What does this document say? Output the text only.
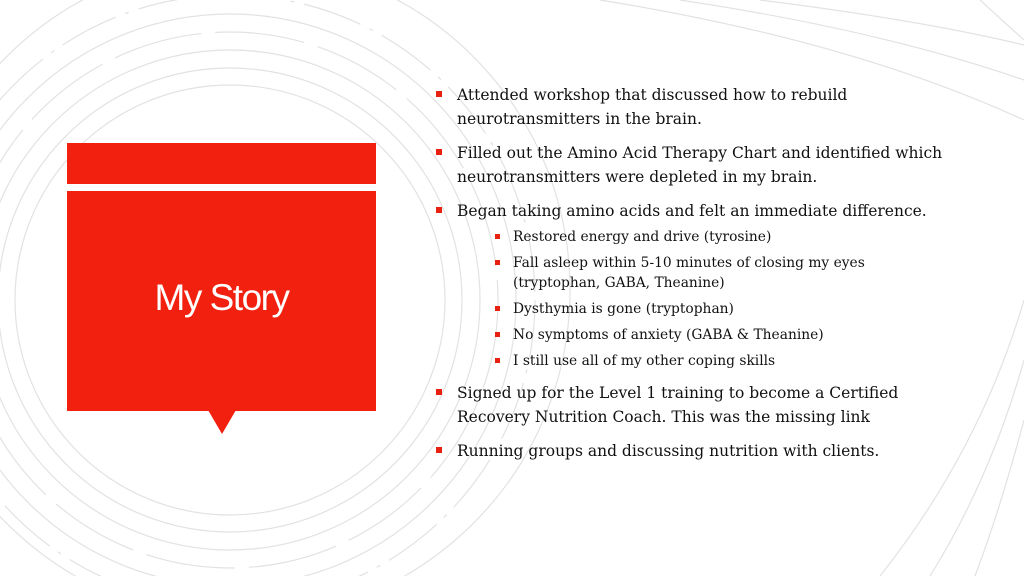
My Story
Attended workshop that discussed how to rebuild neurotransmitters in the brain.
Filled out the Amino Acid Therapy Chart and identified which neurotransmitters were depleted in my brain.
Began taking amino acids and felt an immediate difference.
Restored energy and drive (tyrosine)
Fall asleep within 5-10 minutes of closing my eyes (tryptophan, GABA, Theanine)
Dysthymia is gone (tryptophan)
No symptoms of anxiety (GABA & Theanine)
I still use all of my other coping skills
Signed up for the Level 1 training to become a Certified Recovery Nutrition Coach. This was the missing link
Running groups and discussing nutrition with clients.
